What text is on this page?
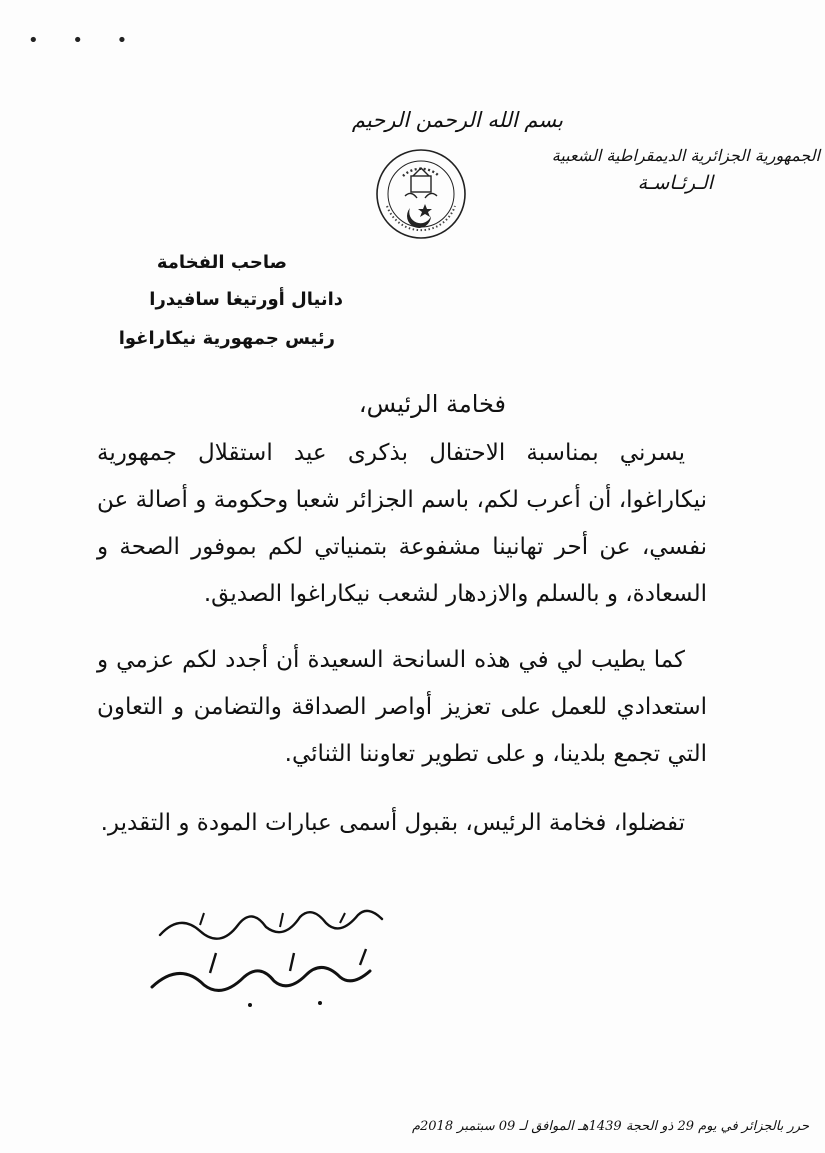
• • •
بسم الله الرحمن الرحيم
الجمهورية الجزائرية الديمقراطية الشعبية
الـرئـاسـة
صاحب الفخامة
دانيال أورتيغا سافيدرا
رئيس جمهورية نيكاراغوا
فخامة الرئيس،
يسرني بمناسبة الاحتفال بذكرى عيد استقلال جمهورية نيكاراغوا، أن أعرب لكم، باسم الجزائر شعبا وحكومة و أصالة عن نفسي، عن أحر تهانينا مشفوعة بتمنياتي لكم بموفور الصحة و السعادة، و بالسلم والازدهار لشعب نيكاراغوا الصديق.
كما يطيب لي في هذه السانحة السعيدة أن أجدد لكم عزمي و استعدادي للعمل على تعزيز أواصر الصداقة والتضامن و التعاون التي تجمع بلدينا، و على تطوير تعاوننا الثنائي.
تفضلوا، فخامة الرئيس، بقبول أسمى عبارات المودة و التقدير.
حرر بالجزائر في يوم 29 ذو الحجة 1439هـ الموافق لـ 09 سبتمبر 2018م
